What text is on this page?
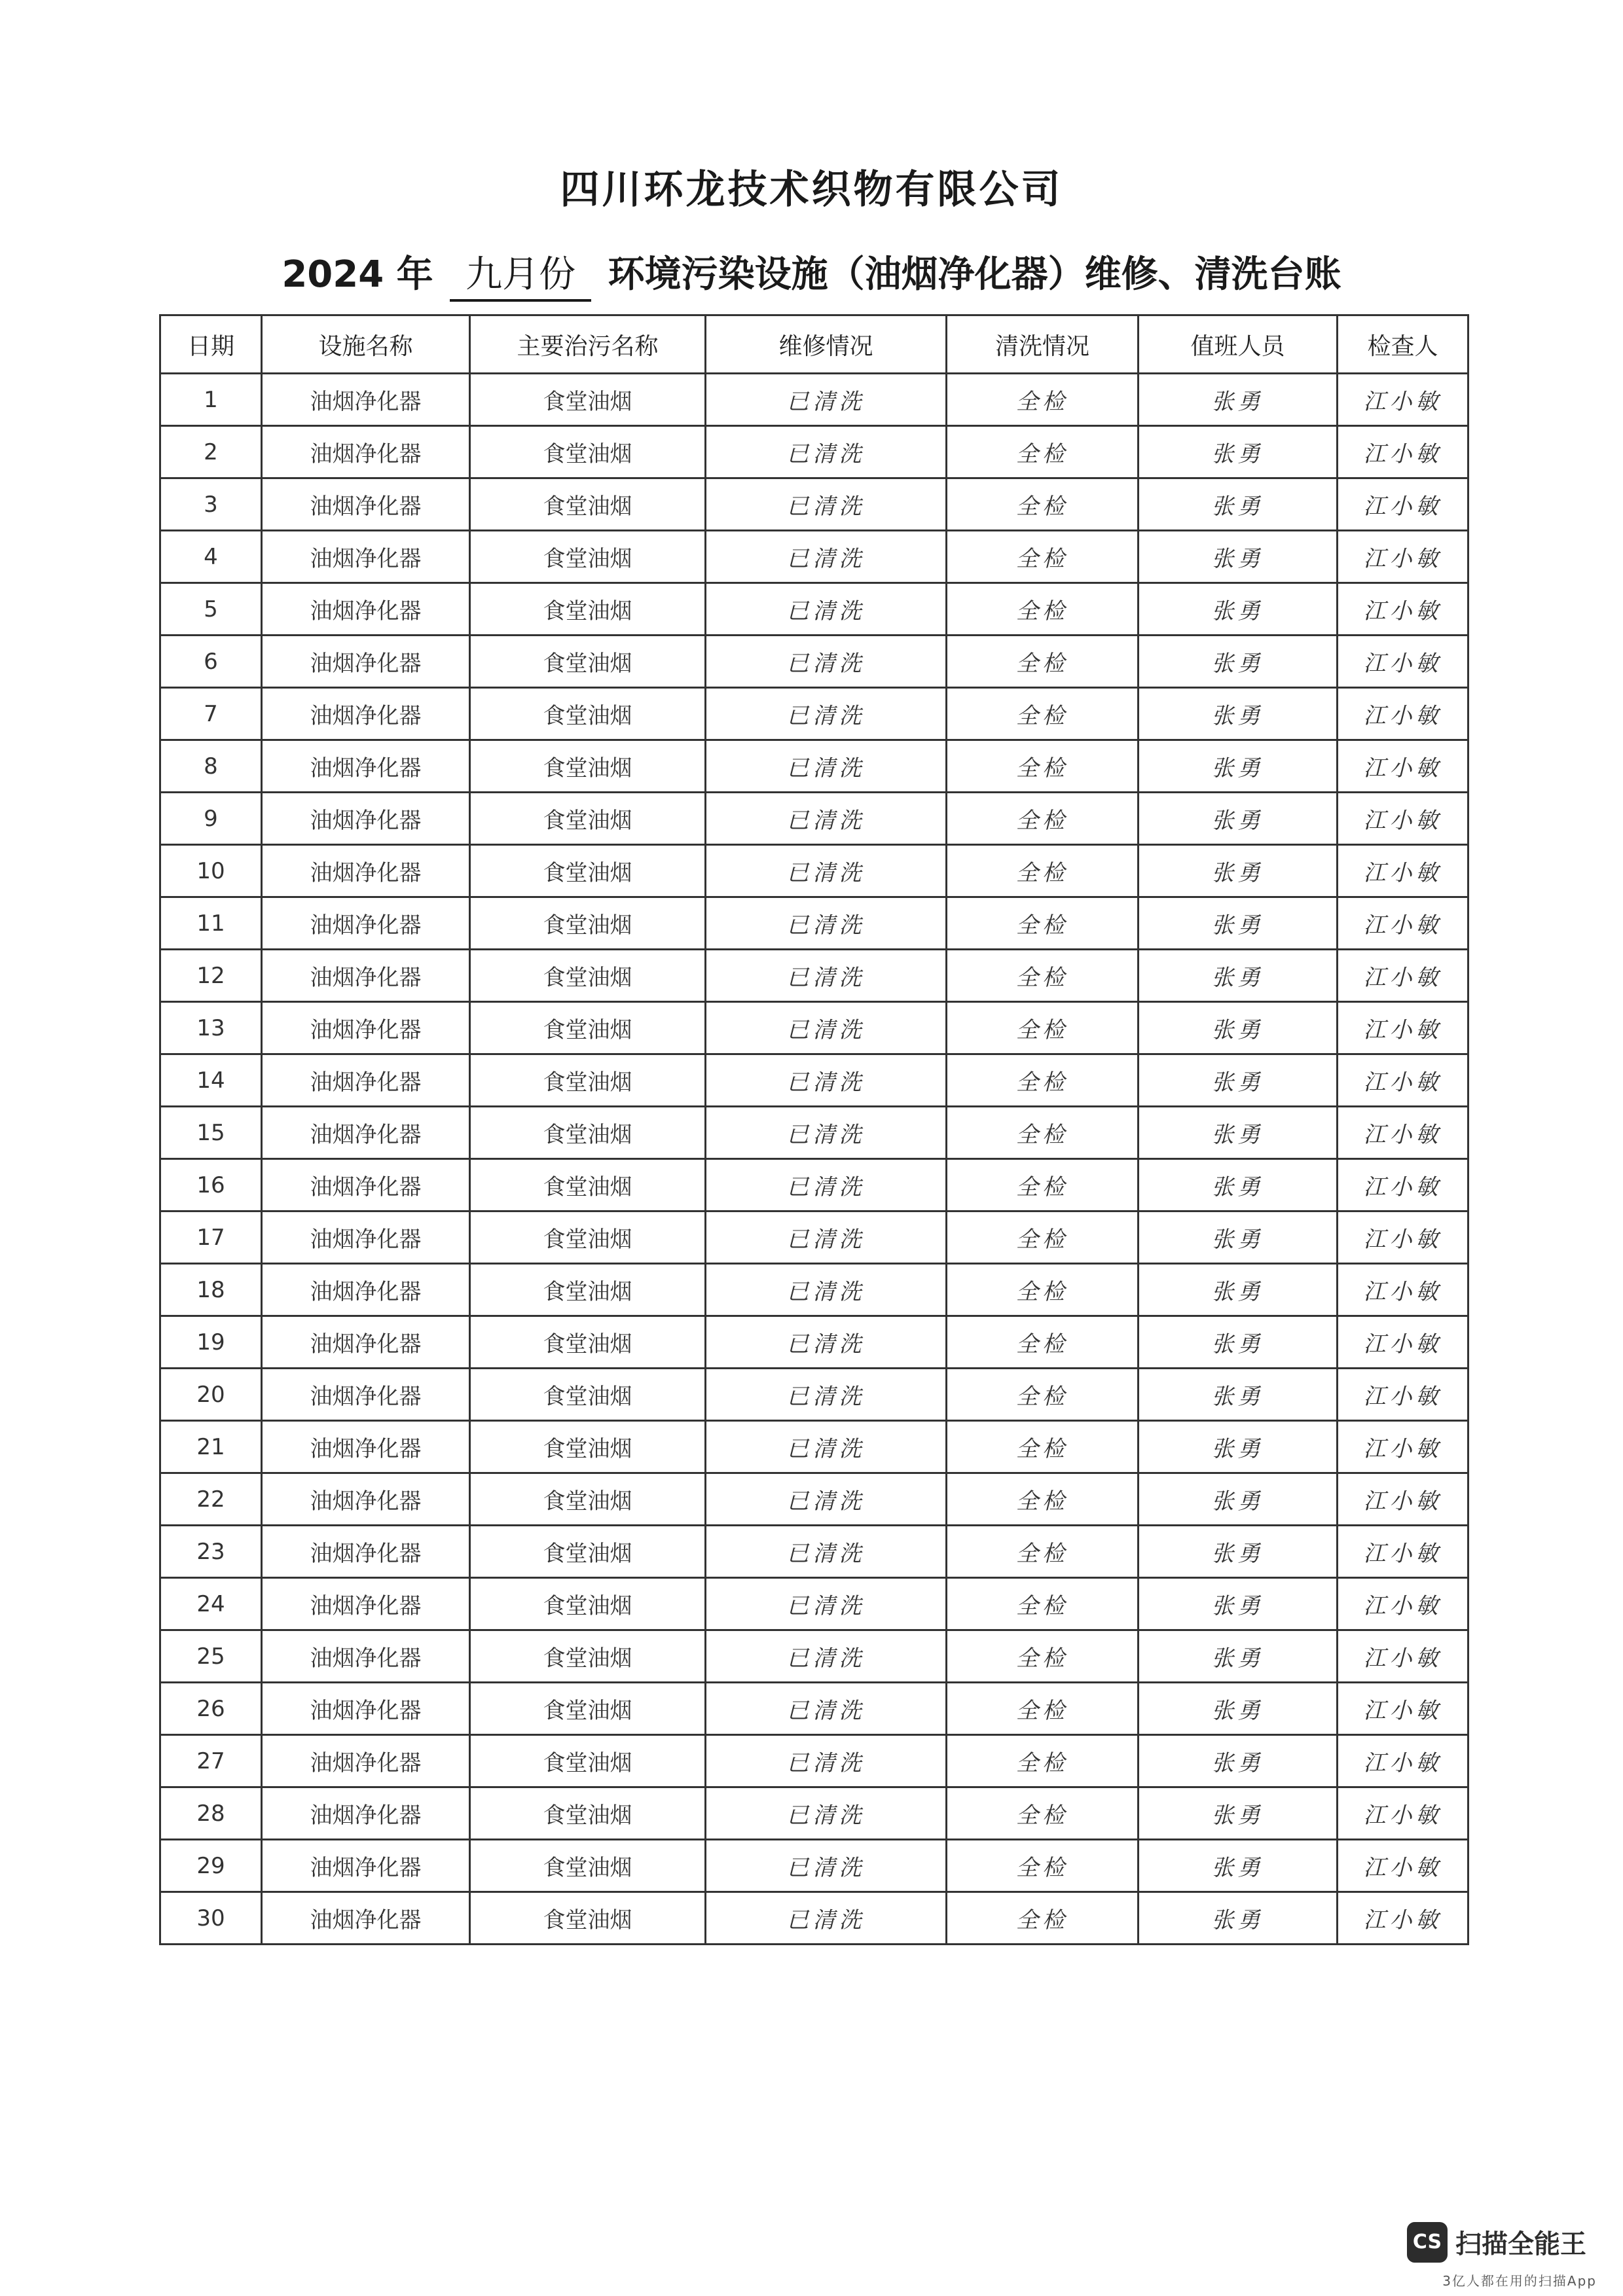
四川环龙技术织物有限公司
2024 年 九月份 环境污染设施（油烟净化器）维修、清洗台账
日期	设施名称	主要治污名称	维修情况	清洗情况	值班人员	检查人
1	油烟净化器	食堂油烟	已清洗	全检	张勇	江小敏
2	油烟净化器	食堂油烟	已清洗	全检	张勇	江小敏
3	油烟净化器	食堂油烟	已清洗	全检	张勇	江小敏
4	油烟净化器	食堂油烟	已清洗	全检	张勇	江小敏
5	油烟净化器	食堂油烟	已清洗	全检	张勇	江小敏
6	油烟净化器	食堂油烟	已清洗	全检	张勇	江小敏
7	油烟净化器	食堂油烟	已清洗	全检	张勇	江小敏
8	油烟净化器	食堂油烟	已清洗	全检	张勇	江小敏
9	油烟净化器	食堂油烟	已清洗	全检	张勇	江小敏
10	油烟净化器	食堂油烟	已清洗	全检	张勇	江小敏
11	油烟净化器	食堂油烟	已清洗	全检	张勇	江小敏
12	油烟净化器	食堂油烟	已清洗	全检	张勇	江小敏
13	油烟净化器	食堂油烟	已清洗	全检	张勇	江小敏
14	油烟净化器	食堂油烟	已清洗	全检	张勇	江小敏
15	油烟净化器	食堂油烟	已清洗	全检	张勇	江小敏
16	油烟净化器	食堂油烟	已清洗	全检	张勇	江小敏
17	油烟净化器	食堂油烟	已清洗	全检	张勇	江小敏
18	油烟净化器	食堂油烟	已清洗	全检	张勇	江小敏
19	油烟净化器	食堂油烟	已清洗	全检	张勇	江小敏
20	油烟净化器	食堂油烟	已清洗	全检	张勇	江小敏
21	油烟净化器	食堂油烟	已清洗	全检	张勇	江小敏
22	油烟净化器	食堂油烟	已清洗	全检	张勇	江小敏
23	油烟净化器	食堂油烟	已清洗	全检	张勇	江小敏
24	油烟净化器	食堂油烟	已清洗	全检	张勇	江小敏
25	油烟净化器	食堂油烟	已清洗	全检	张勇	江小敏
26	油烟净化器	食堂油烟	已清洗	全检	张勇	江小敏
27	油烟净化器	食堂油烟	已清洗	全检	张勇	江小敏
28	油烟净化器	食堂油烟	已清洗	全检	张勇	江小敏
29	油烟净化器	食堂油烟	已清洗	全检	张勇	江小敏
30	油烟净化器	食堂油烟	已清洗	全检	张勇	江小敏
CS 扫描全能王
3亿人都在用的扫描App
